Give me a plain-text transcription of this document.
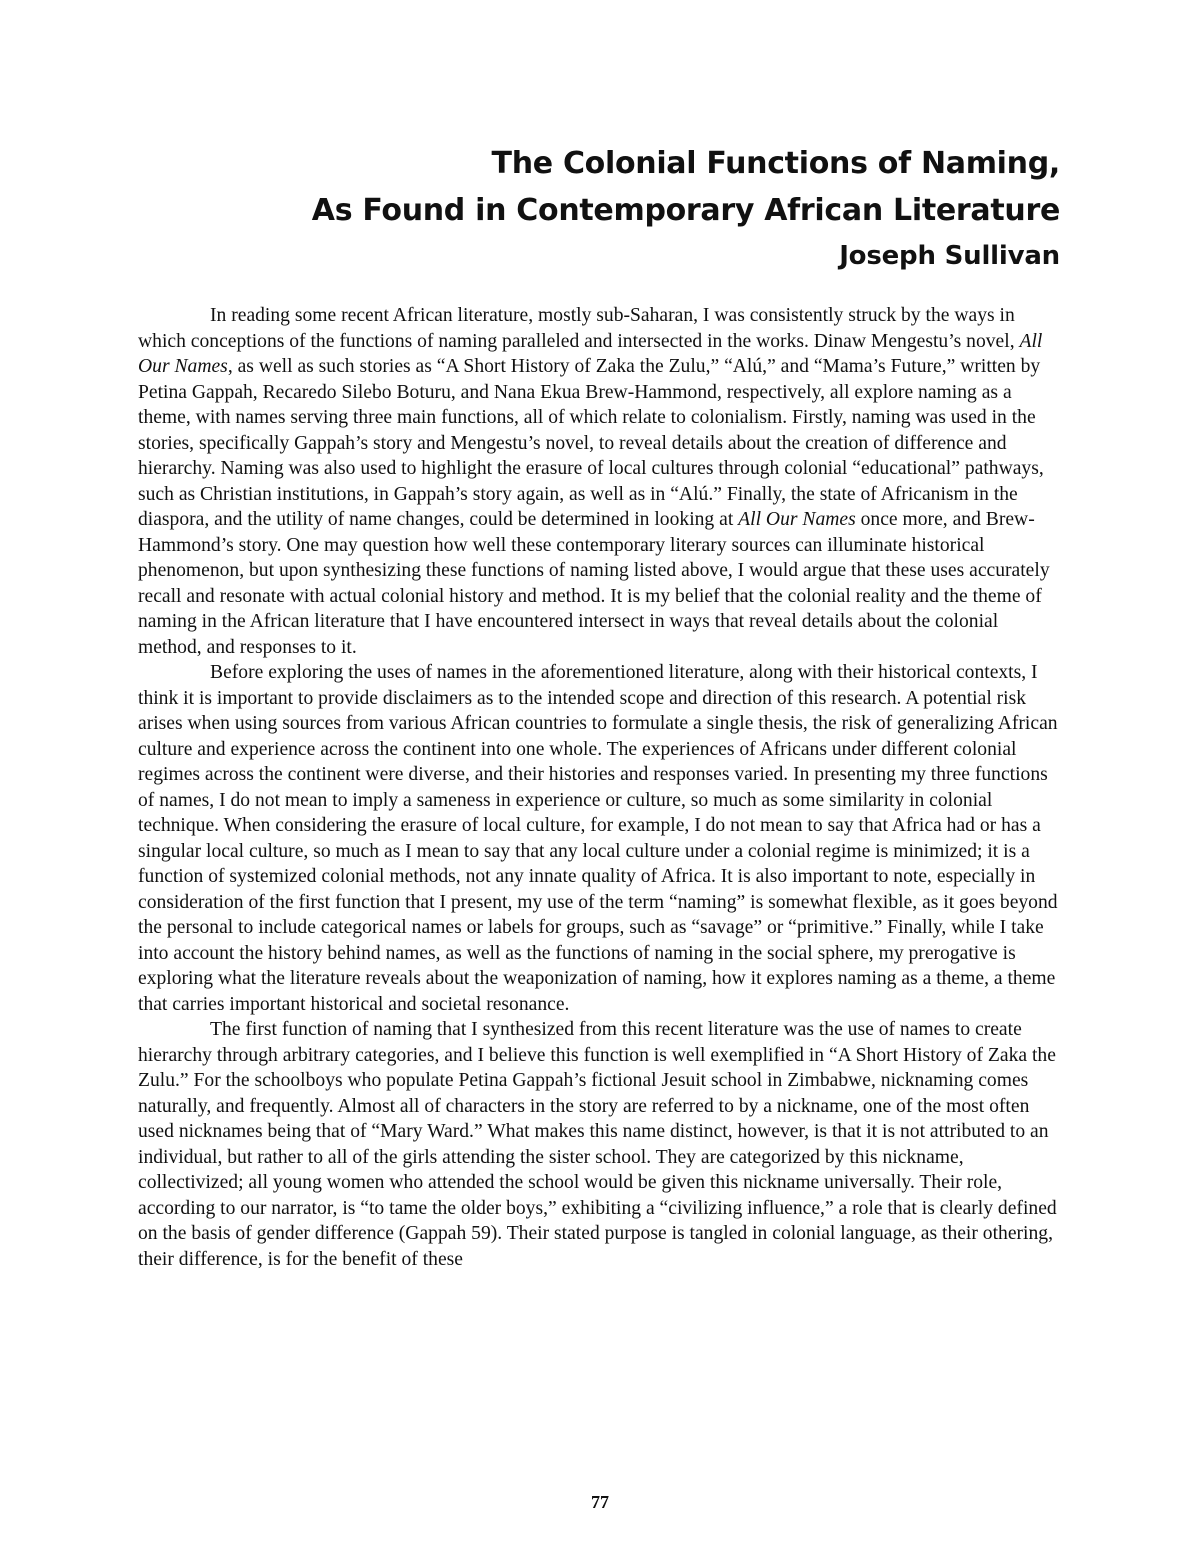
The Colonial Functions of Naming,
As Found in Contemporary African Literature
Joseph Sullivan

In reading some recent African literature, mostly sub-Saharan, I was consistently struck by the ways in which conceptions of the functions of naming paralleled and intersected in the works. Dinaw Mengestu’s novel, All Our Names, as well as such stories as “A Short History of Zaka the Zulu,” “Alú,” and “Mama’s Future,” written by Petina Gappah, Recaredo Silebo Boturu, and Nana Ekua Brew-Hammond, respectively, all explore naming as a theme, with names serving three main functions, all of which relate to colonialism. Firstly, naming was used in the stories, specifically Gappah’s story and Mengestu’s novel, to reveal details about the creation of difference and hierarchy. Naming was also used to highlight the erasure of local cultures through colonial “educational” pathways, such as Christian institutions, in Gappah’s story again, as well as in “Alú.” Finally, the state of Africanism in the diaspora, and the utility of name changes, could be determined in looking at All Our Names once more, and Brew-Hammond’s story. One may question how well these contemporary literary sources can illuminate historical phenomenon, but upon synthesizing these functions of naming listed above, I would argue that these uses accurately recall and resonate with actual colonial history and method. It is my belief that the colonial reality and the theme of naming in the African literature that I have encountered intersect in ways that reveal details about the colonial method, and responses to it.

Before exploring the uses of names in the aforementioned literature, along with their historical contexts, I think it is important to provide disclaimers as to the intended scope and direction of this research. A potential risk arises when using sources from various African countries to formulate a single thesis, the risk of generalizing African culture and experience across the continent into one whole. The experiences of Africans under different colonial regimes across the continent were diverse, and their histories and responses varied. In presenting my three functions of names, I do not mean to imply a sameness in experience or culture, so much as some similarity in colonial technique. When considering the erasure of local culture, for example, I do not mean to say that Africa had or has a singular local culture, so much as I mean to say that any local culture under a colonial regime is minimized; it is a function of systemized colonial methods, not any innate quality of Africa. It is also important to note, especially in consideration of the first function that I present, my use of the term “naming” is somewhat flexible, as it goes beyond the personal to include categorical names or labels for groups, such as “savage” or “primitive.” Finally, while I take into account the history behind names, as well as the functions of naming in the social sphere, my prerogative is exploring what the literature reveals about the weaponization of naming, how it explores naming as a theme, a theme that carries important historical and societal resonance.

The first function of naming that I synthesized from this recent literature was the use of names to create hierarchy through arbitrary categories, and I believe this function is well exemplified in “A Short History of Zaka the Zulu.” For the schoolboys who populate Petina Gappah’s fictional Jesuit school in Zimbabwe, nicknaming comes naturally, and frequently. Almost all of characters in the story are referred to by a nickname, one of the most often used nicknames being that of “Mary Ward.” What makes this name distinct, however, is that it is not attributed to an individual, but rather to all of the girls attending the sister school. They are categorized by this nickname, collectivized; all young women who attended the school would be given this nickname universally. Their role, according to our narrator, is “to tame the older boys,” exhibiting a “civilizing influence,” a role that is clearly defined on the basis of gender difference (Gappah 59). Their stated purpose is tangled in colonial language, as their othering, their difference, is for the benefit of these

77
